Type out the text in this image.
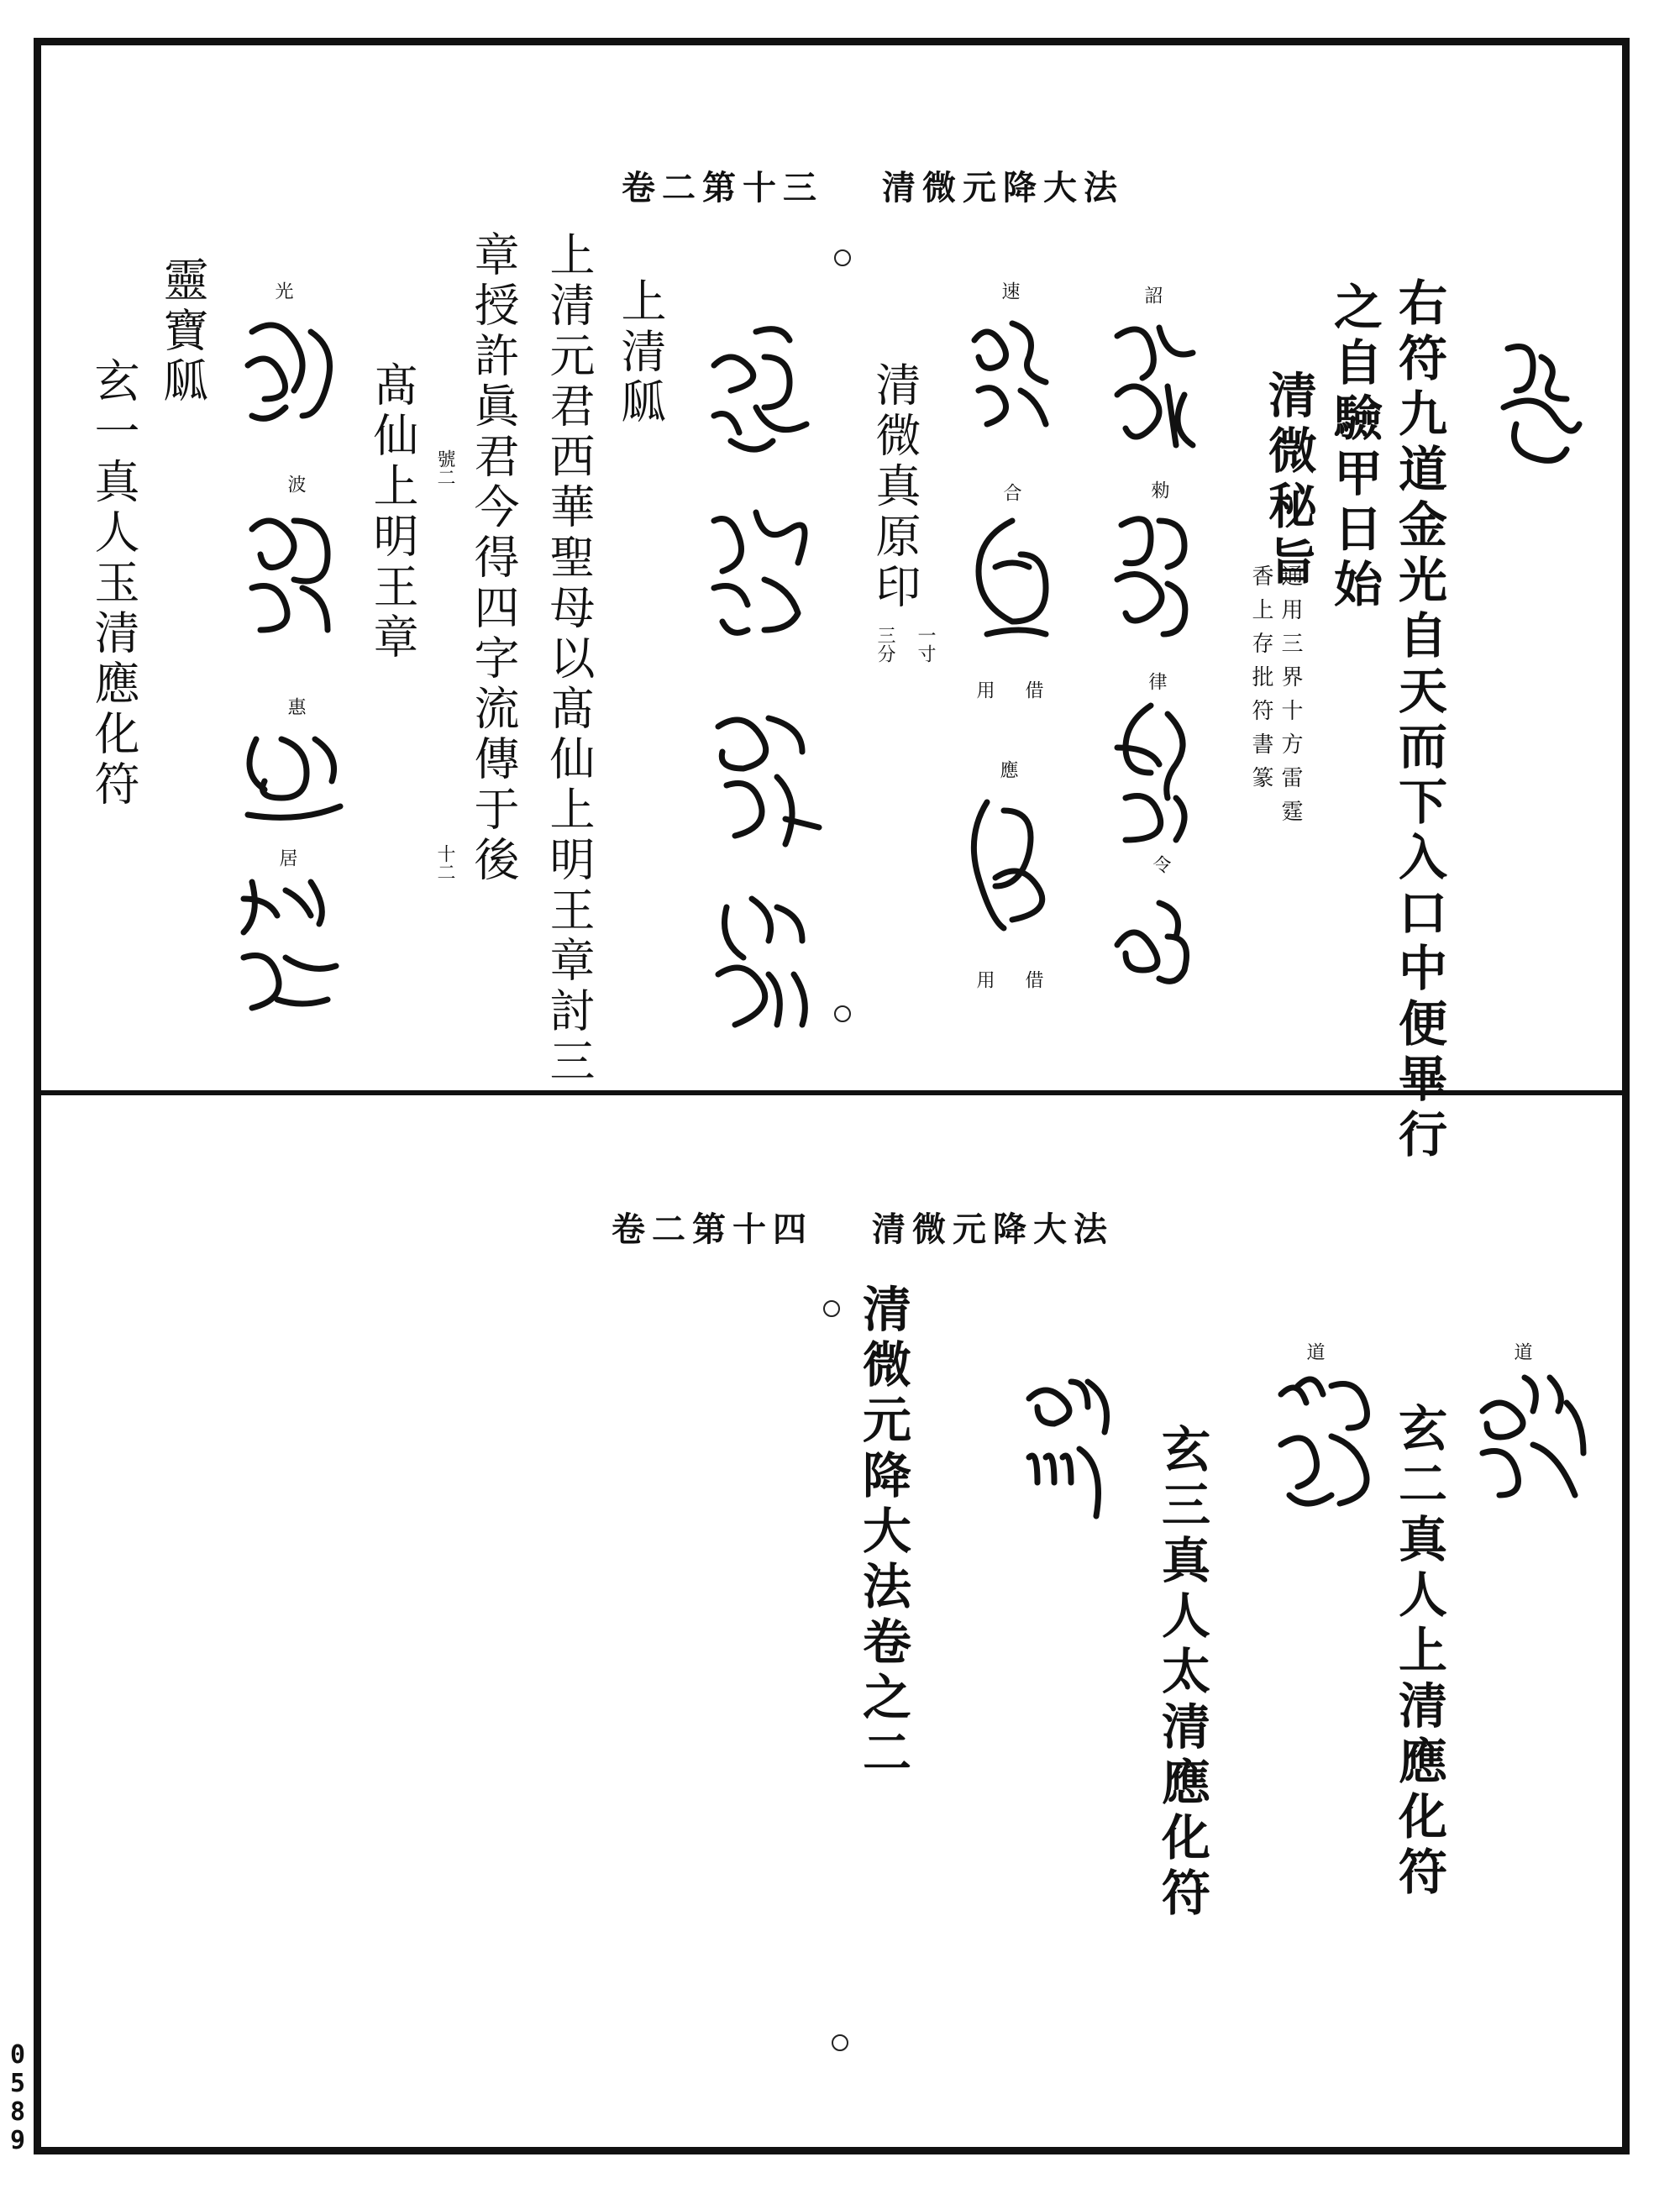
卷二第十三 清微元降大法
右符九道金光自天而下入口中便畢行
之自驗甲日始
清微秘旨
通用三界十方雷霆
香上存批符書篆
詔
勑
律
令
速
合
借
用
應
借
用
清微真原印
一寸
三分
上清㼌
上清元君西華聖母以髙仙上明王章討三
章授許眞君今得四字流傳于後
十二
髙仙上明王章 號二
光
波
惠
居
靈寶㼌
玄一真人玉清應化符
卷二第十四 清微元降大法
道
玄二真人上清應化符
道
玄三真人太清應化符
清微元降大法卷之二
0589
